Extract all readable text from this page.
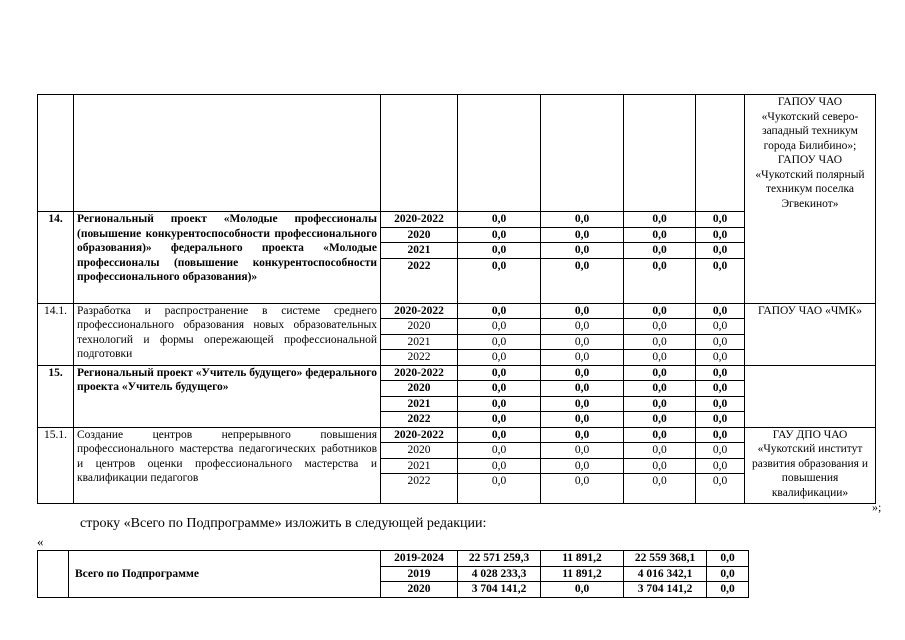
							ГАПОУ ЧАО «Чукотский северо-западный техникум города Билибино»; ГАПОУ ЧАО «Чукотский полярный техникум поселка Эгвекинот»
14.	Региональный проект «Молодые профессионалы (повышение конкурентоспособности профессионального образования)» федерального проекта «Молодые профессионалы (повышение конкурентоспособности профессионального образования)»	2020-2022	0,0	0,0	0,0	0,0	
		2020	0,0	0,0	0,0	0,0	
		2021	0,0	0,0	0,0	0,0	
		2022	0,0	0,0	0,0	0,0	
14.1.	Разработка и распространение в системе среднего профессионального образования новых образовательных технологий и формы опережающей профессиональной подготовки	2020-2022	0,0	0,0	0,0	0,0	ГАПОУ ЧАО «ЧМК»
		2020	0,0	0,0	0,0	0,0	
		2021	0,0	0,0	0,0	0,0	
		2022	0,0	0,0	0,0	0,0	
15.	Региональный проект «Учитель будущего» федерального проекта «Учитель будущего»	2020-2022	0,0	0,0	0,0	0,0	
		2020	0,0	0,0	0,0	0,0	
		2021	0,0	0,0	0,0	0,0	
		2022	0,0	0,0	0,0	0,0	
15.1.	Создание центров непрерывного повышения профессионального мастерства педагогических работников и центров оценки профессионального мастерства и квалификации педагогов	2020-2022	0,0	0,0	0,0	0,0	ГАУ ДПО ЧАО «Чукотский институт развития образования и повышения квалификации»
		2020	0,0	0,0	0,0	0,0	
		2021	0,0	0,0	0,0	0,0	
		2022	0,0	0,0	0,0	0,0	
»;
строку «Всего по Подпрограмме» изложить в следующей редакции:
«
	Всего по Подпрограмме	2019-2024	22 571 259,3	11 891,2	22 559 368,1	0,0
		2019	4 028 233,3	11 891,2	4 016 342,1	0,0
		2020	3 704 141,2	0,0	3 704 141,2	0,0
